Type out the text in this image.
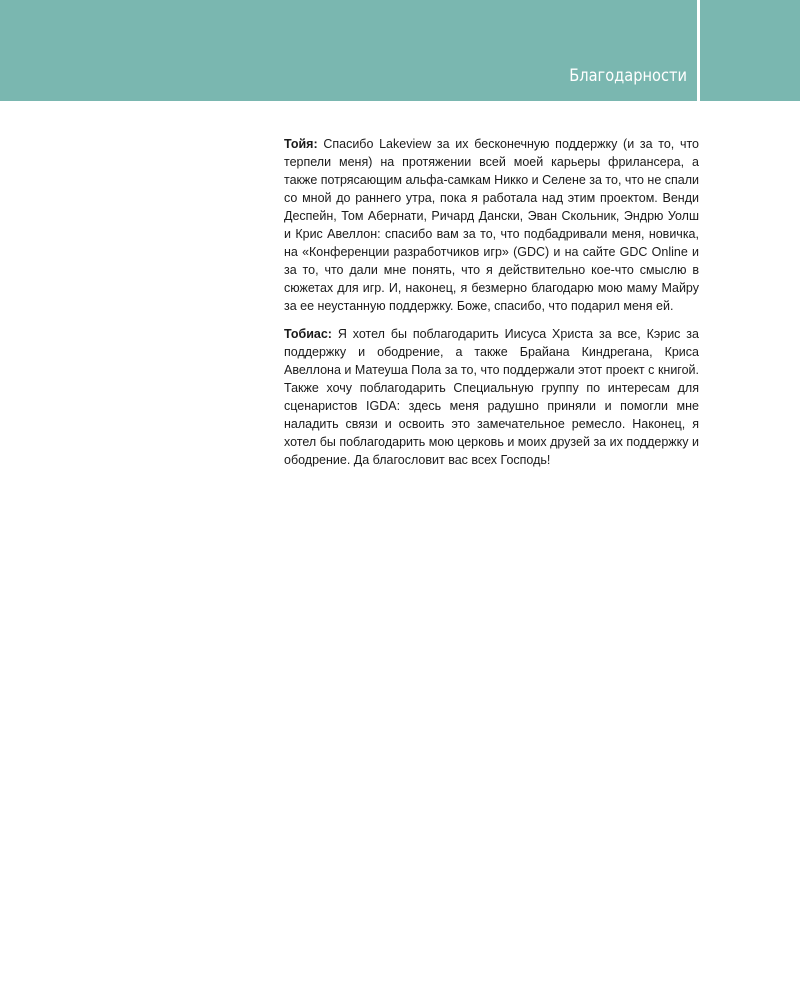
Благодарности

Тойя: Спасибо Lakeview за их бесконечную поддержку (и за то, что терпели меня) на протяжении всей моей карьеры фрилансера, а также потрясающим альфа-самкам Никко и Селене за то, что не спали со мной до раннего утра, пока я работала над этим проектом. Венди Деспейн, Том Абернати, Ричард Дански, Эван Скольник, Эндрю Уолш и Крис Авеллон: спасибо вам за то, что подбадривали меня, новичка, на «Конференции разработчиков игр» (GDC) и на сайте GDC Online и за то, что дали мне понять, что я действительно кое-что смыслю в сюжетах для игр. И, наконец, я безмерно благодарю мою маму Майру за ее неустанную поддержку. Боже, спасибо, что подарил меня ей.

Тобиас: Я хотел бы поблагодарить Иисуса Христа за все, Кэрис за поддержку и ободрение, а также Брайана Киндрегана, Криса Авеллона и Матеуша Пола за то, что поддержали этот проект с книгой. Также хочу поблагодарить Специальную группу по интересам для сценаристов IGDA: здесь меня радушно приняли и помогли мне наладить связи и освоить это замечательное ремесло. Наконец, я хотел бы поблагодарить мою церковь и моих друзей за их поддержку и ободрение. Да благословит вас всех Господь!
